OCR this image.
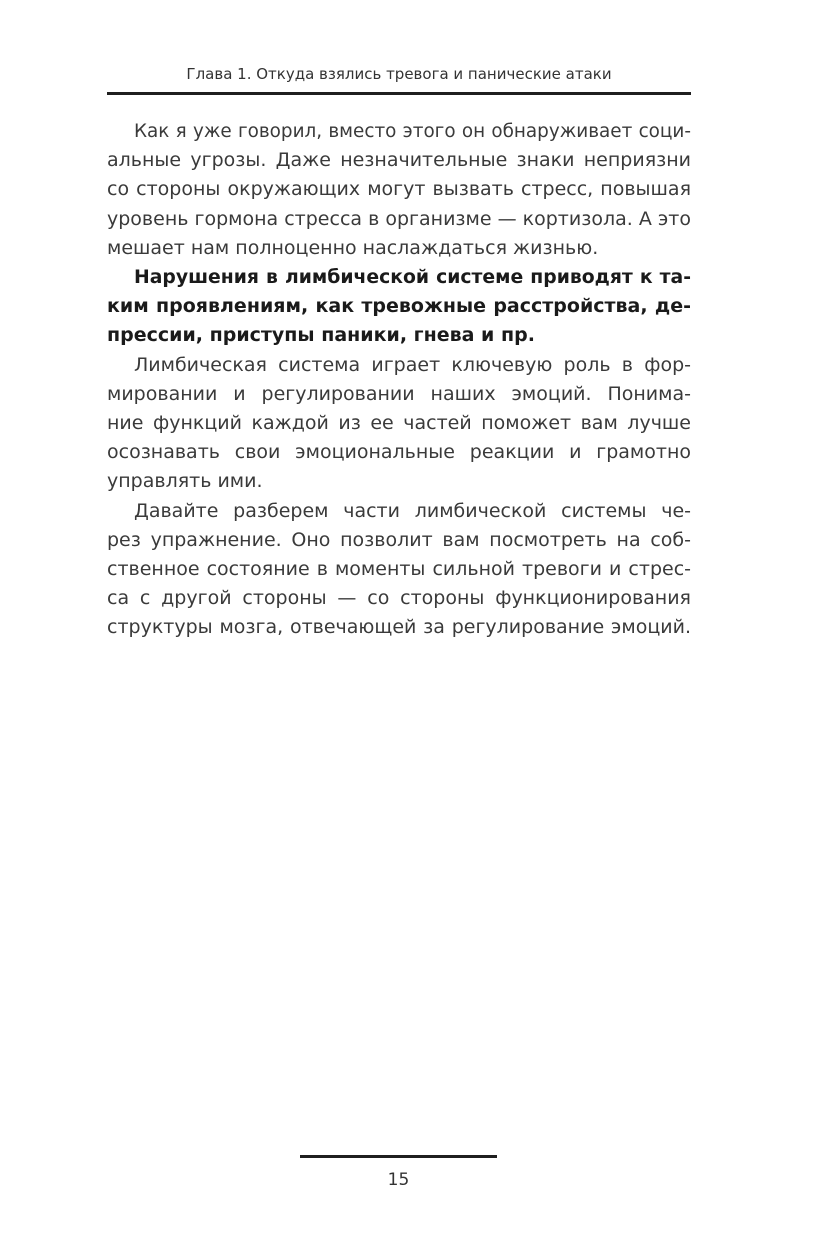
Глава 1. Откуда взялись тревога и панические атаки

Как я уже говорил, вместо этого он обнаруживает соци-
альные угрозы. Даже незначительные знаки неприязни
со стороны окружающих могут вызвать стресс, повышая
уровень гормона стресса в организме — кортизола. А это
мешает нам полноценно наслаждаться жизнью.

Нарушения в лимбической системе приводят к та-
ким проявлениям, как тревожные расстройства, де-
прессии, приступы паники, гнева и пр.

Лимбическая система играет ключевую роль в фор-
мировании и регулировании наших эмоций. Понима-
ние функций каждой из ее частей поможет вам лучше
осознавать свои эмоциональные реакции и грамотно
управлять ими.

Давайте разберем части лимбической системы че-
рез упражнение. Оно позволит вам посмотреть на соб-
ственное состояние в моменты сильной тревоги и стрес-
са с другой стороны — со стороны функционирования
структуры мозга, отвечающей за регулирование эмоций.

15
